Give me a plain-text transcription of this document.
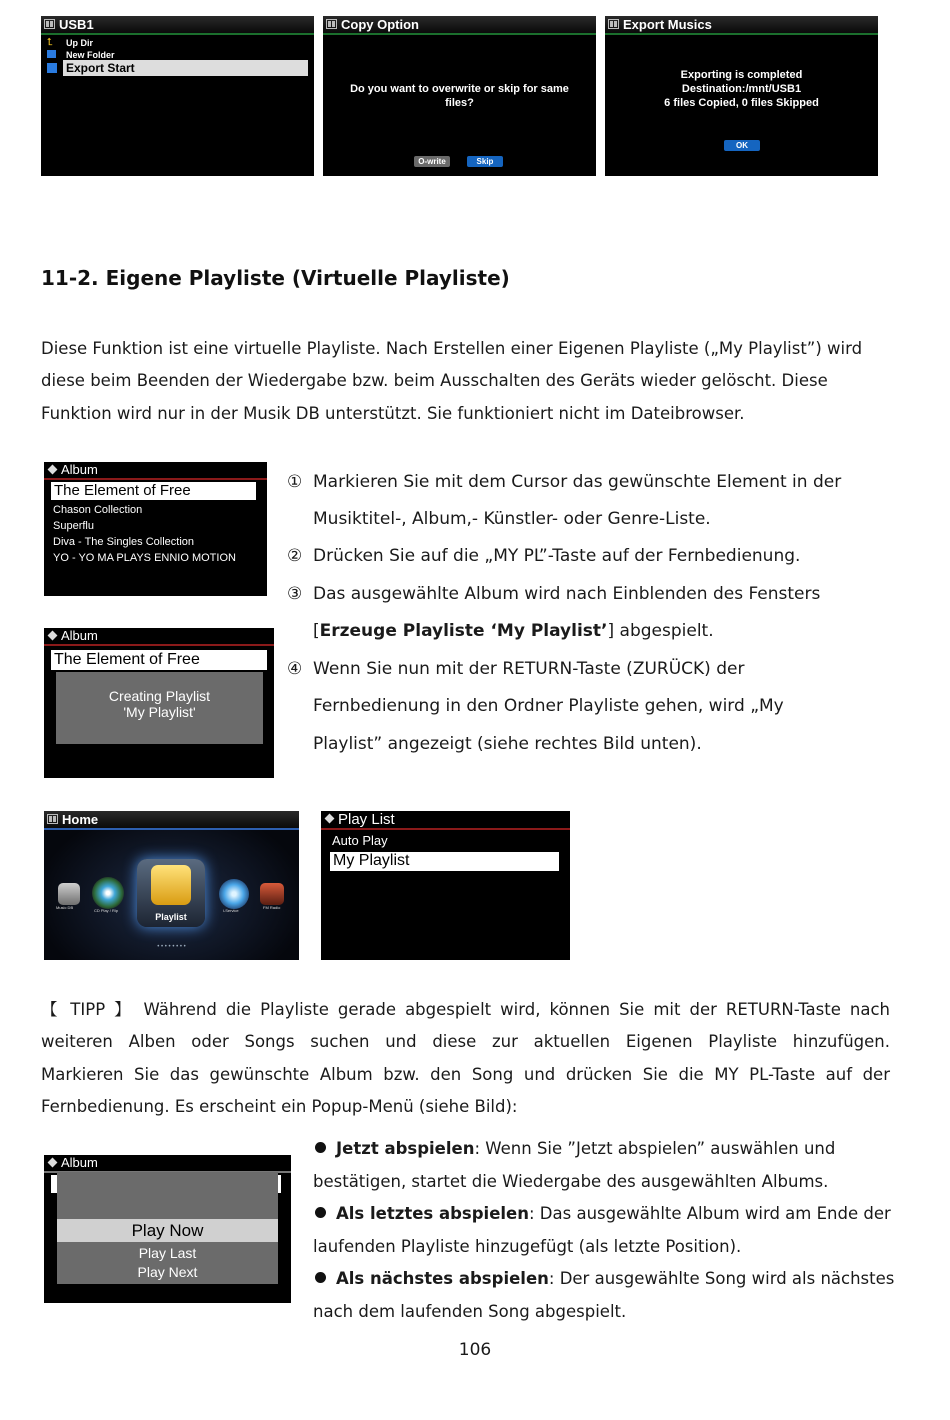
USB1
⮤ Up Dir
New Folder
Export Start
Copy Option
Do you want to overwrite or skip for same
files?
O-write	Skip
Export Musics
Exporting is completed
Destination:/mnt/USB1
6 files Copied, 0 files Skipped
OK
11-2. Eigene Playliste (Virtuelle Playliste)
Diese Funktion ist eine virtuelle Playliste. Nach Erstellen einer Eigenen Playliste („My Playlist”) wird
diese beim Beenden der Wiedergabe bzw. beim Ausschalten des Geräts wieder gelöscht. Diese
Funktion wird nur in der Musik DB unterstützt. Sie funktioniert nicht im Dateibrowser.
Album
The Element of Free
Chason Collection
Superflu
Diva - The Singles Collection
YO - YO MA PLAYS ENNIO MOTION
Album
The Element of Free
Creating Playlist
'My Playlist'
① Markieren Sie mit dem Cursor das gewünschte Element in der
Musiktitel-, Album,- Künstler- oder Genre-Liste.
② Drücken Sie auf die „MY PL”-Taste auf der Fernbedienung.
③ Das ausgewählte Album wird nach Einblenden des Fensters
[Erzeuge Playliste ‘My Playlist’] abgespielt.
④ Wenn Sie nun mit der RETURN-Taste (ZURÜCK) der
Fernbedienung in den Ordner Playliste gehen, wird „My
Playlist” angezeigt (siehe rechtes Bild unten).
Home
Music DB
CD Play / Rip
Playlist
i-Service
FM Radio
• • • • • • • •
Play List
Auto Play
My Playlist
【 TIPP 】 Während die Playliste gerade abgespielt wird, können Sie mit der RETURN-Taste nach
weiteren Alben oder Songs suchen und diese zur aktuellen Eigenen Playliste hinzufügen.
Markieren Sie das gewünschte Album bzw. den Song und drücken Sie die MY PL-Taste auf der
Fernbedienung. Es erscheint ein Popup-Menü (siehe Bild):
Album
Play Now
Play Last
Play Next
Jetzt abspielen: Wenn Sie ”Jetzt abspielen” auswählen und
bestätigen, startet die Wiedergabe des ausgewählten Albums.
Als letztes abspielen: Das ausgewählte Album wird am Ende der
laufenden Playliste hinzugefügt (als letzte Position).
Als nächstes abspielen: Der ausgewählte Song wird als nächstes
nach dem laufenden Song abgespielt.
106
